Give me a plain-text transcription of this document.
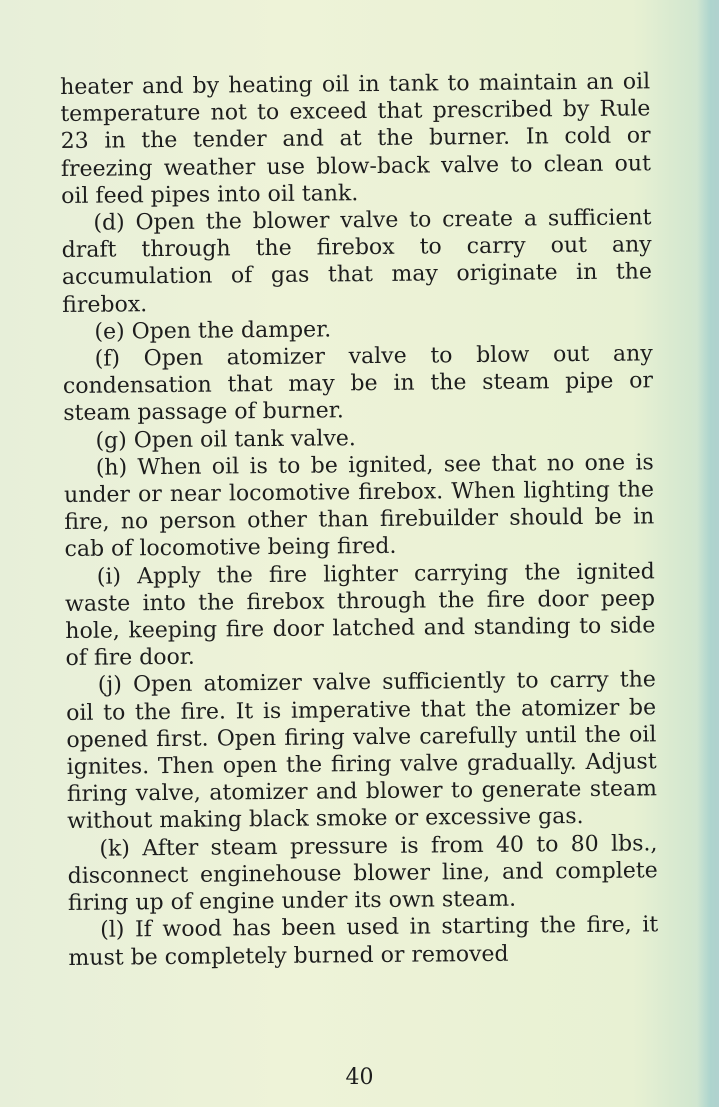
heater and by heating oil in tank to maintain an oil temperature not to exceed that prescribed by Rule 23 in the tender and at the burner. In cold or freezing weather use blow-back valve to clean out oil feed pipes into oil tank.

(d) Open the blower valve to create a sufficient draft through the firebox to carry out any accumulation of gas that may originate in the firebox.

(e) Open the damper.

(f) Open atomizer valve to blow out any condensation that may be in the steam pipe or steam passage of burner.

(g) Open oil tank valve.

(h) When oil is to be ignited, see that no one is under or near locomotive firebox. When lighting the fire, no person other than firebuilder should be in cab of locomotive being fired.

(i) Apply the fire lighter carrying the ignited waste into the firebox through the fire door peep hole, keeping fire door latched and standing to side of fire door.

(j) Open atomizer valve sufficiently to carry the oil to the fire. It is imperative that the atomizer be opened first. Open firing valve carefully until the oil ignites. Then open the firing valve gradually. Adjust firing valve, atomizer and blower to generate steam without making black smoke or excessive gas.

(k) After steam pressure is from 40 to 80 lbs., disconnect enginehouse blower line, and complete firing up of engine under its own steam.

(l) If wood has been used in starting the fire, it must be completely burned or removed

40
